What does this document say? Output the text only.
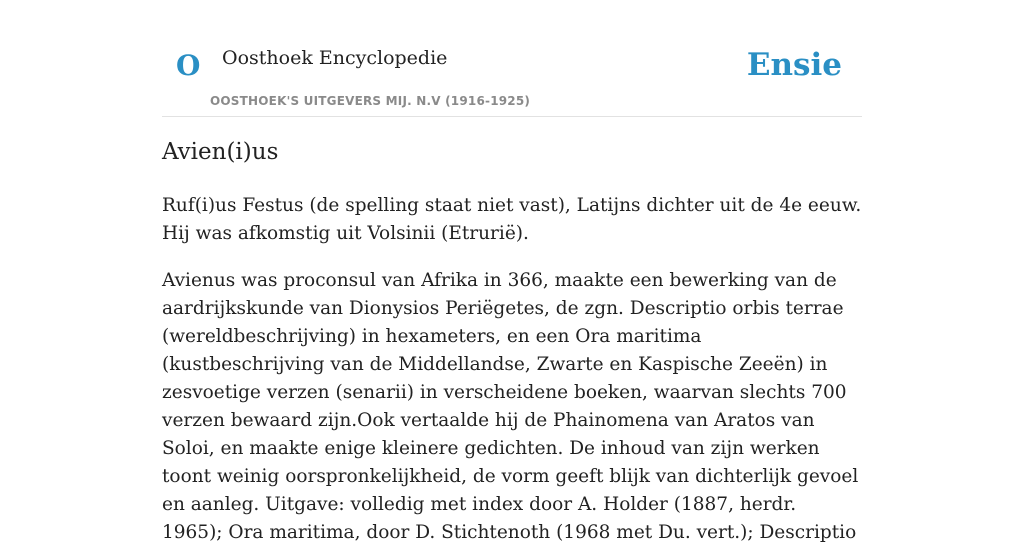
O Oosthoek Encyclopedie
OOSTHOEK'S UITGEVERS MIJ. N.V (1916-1925)
Ensie
Avien(i)us

Ruf(i)us Festus (de spelling staat niet vast), Latijns dichter uit de 4e eeuw. Hij was afkomstig uit Volsinii (Etrurië).

Avienus was proconsul van Afrika in 366, maakte een bewerking van de aardrijkskunde van Dionysios Periëgetes, de zgn. Descriptio orbis terrae (wereldbeschrijving) in hexameters, en een Ora maritima (kustbeschrijving van de Middellandse, Zwarte en Kaspische Zeeën) in zesvoetige verzen (senarii) in verscheidene boeken, waarvan slechts 700 verzen bewaard zijn.Ook vertaalde hij de Phainomena van Aratos van Soloi, en maakte enige kleinere gedichten. De inhoud van zijn werken toont weinig oorspronkelijkheid, de vorm geeft blijk van dichterlijk gevoel en aanleg. Uitgave: volledig met index door A. Holder (1887, herdr. 1965); Ora maritima, door D. Stichtenoth (1968 met Du. vert.); Descriptio
